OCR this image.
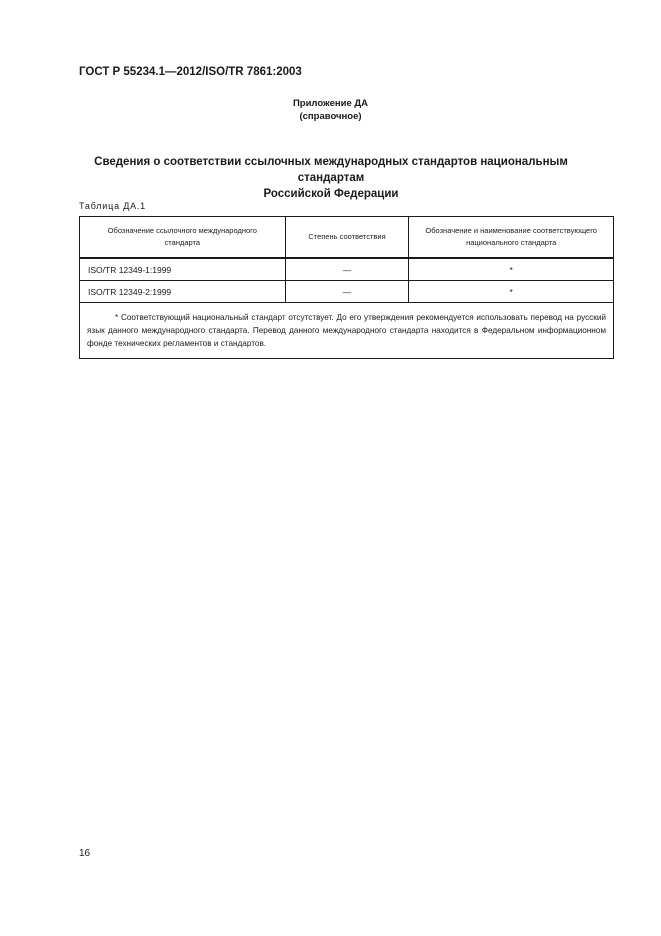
ГОСТ Р 55234.1—2012/ISO/TR 7861:2003
Приложение ДА
(справочное)
Сведения о соответствии ссылочных международных стандартов национальным стандартам
Российской Федерации
Таблица ДА.1
Обозначение ссылочного международного стандарта	Степень соответствия	Обозначение и наименование соответствующего национального стандарта
ISO/TR 12349-1:1999	—	*
ISO/TR 12349-2:1999	—	*

* Соответствующий национальный стандарт отсутствует. До его утверждения рекомендуется использовать перевод на русский язык данного международного стандарта. Перевод данного международного стандарта находится в Федеральном информационном фонде технических регламентов и стандартов.		
16
